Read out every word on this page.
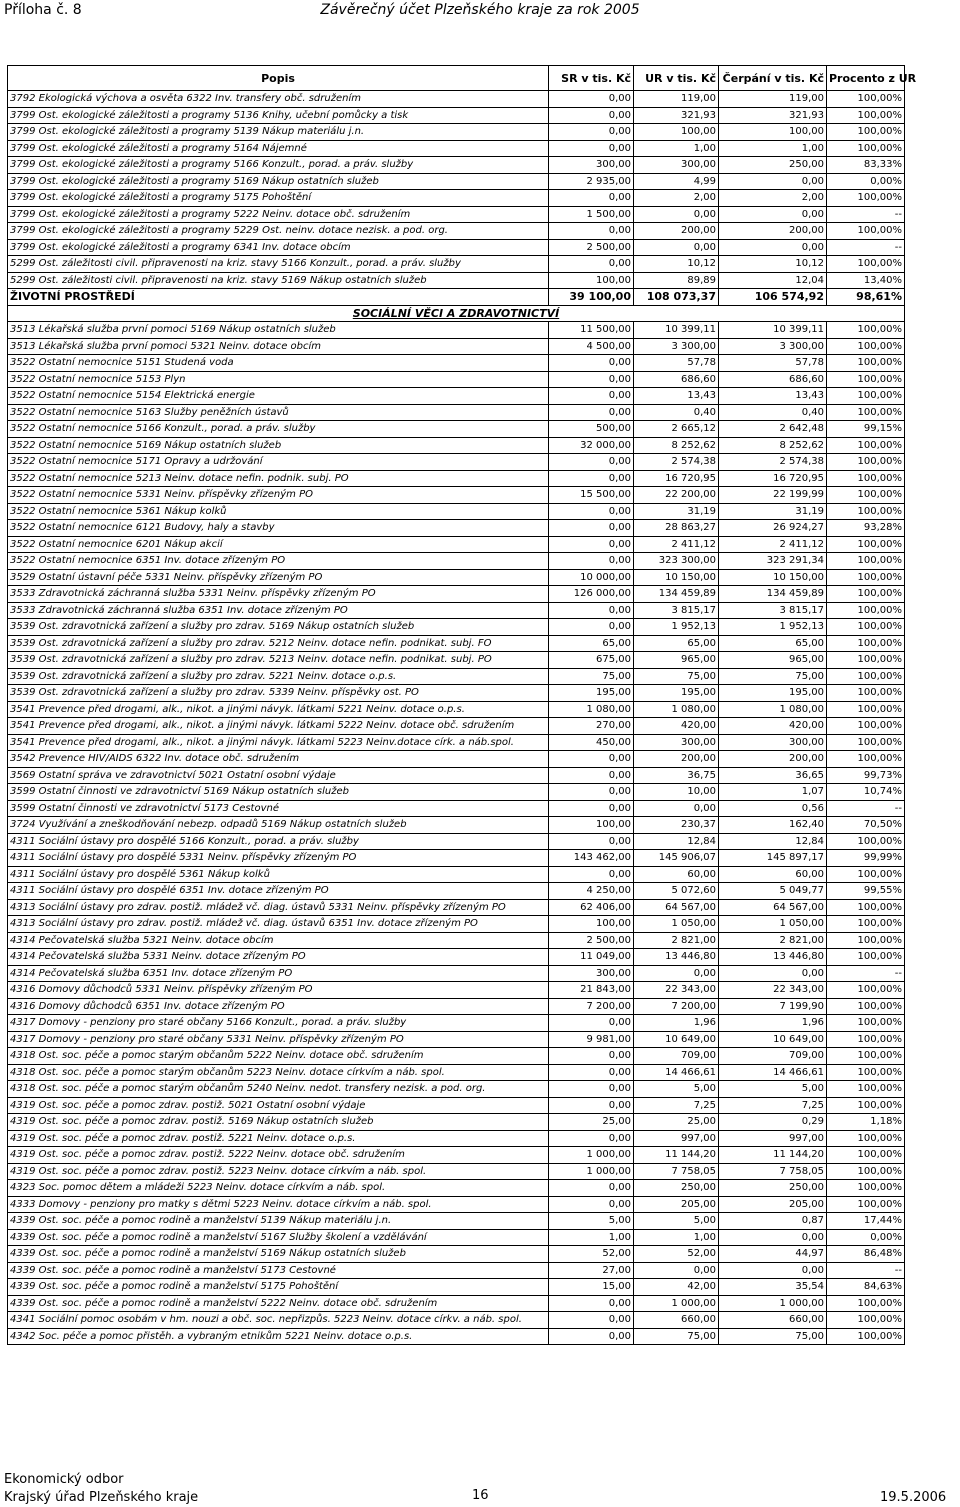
Příloha č. 8	Závěrečný účet Plzeňského kraje za rok 2005
Popis	SR v tis. Kč	UR v tis. Kč	Čerpání v tis. Kč	Procento z UR
3792 Ekologická výchova a osvěta 6322 Inv. transfery obč. sdružením	0,00	119,00	119,00	100,00%
3799 Ost. ekologické záležitosti a programy 5136 Knihy, učební pomůcky a tisk	0,00	321,93	321,93	100,00%
3799 Ost. ekologické záležitosti a programy 5139 Nákup materiálu j.n.	0,00	100,00	100,00	100,00%
3799 Ost. ekologické záležitosti a programy 5164 Nájemné	0,00	1,00	1,00	100,00%
3799 Ost. ekologické záležitosti a programy 5166 Konzult., porad. a práv. služby	300,00	300,00	250,00	83,33%
3799 Ost. ekologické záležitosti a programy 5169 Nákup ostatních služeb	2 935,00	4,99	0,00	0,00%
3799 Ost. ekologické záležitosti a programy 5175 Pohoštění	0,00	2,00	2,00	100,00%
3799 Ost. ekologické záležitosti a programy 5222 Neinv. dotace obč. sdružením	1 500,00	0,00	0,00	--
3799 Ost. ekologické záležitosti a programy 5229 Ost. neinv. dotace nezisk. a pod. org.	0,00	200,00	200,00	100,00%
3799 Ost. ekologické záležitosti a programy 6341 Inv. dotace obcím	2 500,00	0,00	0,00	--
5299 Ost. záležitosti civil. připravenosti na kriz. stavy 5166 Konzult., porad. a práv. služby	0,00	10,12	10,12	100,00%
5299 Ost. záležitosti civil. připravenosti na kriz. stavy 5169 Nákup ostatních služeb	100,00	89,89	12,04	13,40%
ŽIVOTNÍ PROSTŘEDÍ	39 100,00	108 073,37	106 574,92	98,61%
SOCIÁLNÍ VĚCI A ZDRAVOTNICTVÍ				
3513 Lékařská služba první pomoci 5169 Nákup ostatních služeb	11 500,00	10 399,11	10 399,11	100,00%
3513 Lékařská služba první pomoci 5321 Neinv. dotace obcím	4 500,00	3 300,00	3 300,00	100,00%
3522 Ostatní nemocnice 5151 Studená voda	0,00	57,78	57,78	100,00%
3522 Ostatní nemocnice 5153 Plyn	0,00	686,60	686,60	100,00%
3522 Ostatní nemocnice 5154 Elektrická energie	0,00	13,43	13,43	100,00%
3522 Ostatní nemocnice 5163 Služby peněžních ústavů	0,00	0,40	0,40	100,00%
3522 Ostatní nemocnice 5166 Konzult., porad. a práv. služby	500,00	2 665,12	2 642,48	99,15%
3522 Ostatní nemocnice 5169 Nákup ostatních služeb	32 000,00	8 252,62	8 252,62	100,00%
3522 Ostatní nemocnice 5171 Opravy a udržování	0,00	2 574,38	2 574,38	100,00%
3522 Ostatní nemocnice 5213 Neinv. dotace nefin. podnik. subj. PO	0,00	16 720,95	16 720,95	100,00%
3522 Ostatní nemocnice 5331 Neinv. příspěvky zřízeným PO	15 500,00	22 200,00	22 199,99	100,00%
3522 Ostatní nemocnice 5361 Nákup kolků	0,00	31,19	31,19	100,00%
3522 Ostatní nemocnice 6121 Budovy, haly a stavby	0,00	28 863,27	26 924,27	93,28%
3522 Ostatní nemocnice 6201 Nákup akcií	0,00	2 411,12	2 411,12	100,00%
3522 Ostatní nemocnice 6351 Inv. dotace zřízeným PO	0,00	323 300,00	323 291,34	100,00%
3529 Ostatní ústavní péče 5331 Neinv. příspěvky zřízeným PO	10 000,00	10 150,00	10 150,00	100,00%
3533 Zdravotnická záchranná služba 5331 Neinv. příspěvky zřízeným PO	126 000,00	134 459,89	134 459,89	100,00%
3533 Zdravotnická záchranná služba 6351 Inv. dotace zřízeným PO	0,00	3 815,17	3 815,17	100,00%
3539 Ost. zdravotnická zařízení a služby pro zdrav. 5169 Nákup ostatních služeb	0,00	1 952,13	1 952,13	100,00%
3539 Ost. zdravotnická zařízení a služby pro zdrav. 5212 Neinv. dotace nefin. podnikat. subj. FO	65,00	65,00	65,00	100,00%
3539 Ost. zdravotnická zařízení a služby pro zdrav. 5213 Neinv. dotace nefin. podnikat. subj. PO	675,00	965,00	965,00	100,00%
3539 Ost. zdravotnická zařízení a služby pro zdrav. 5221 Neinv. dotace o.p.s.	75,00	75,00	75,00	100,00%
3539 Ost. zdravotnická zařízení a služby pro zdrav. 5339 Neinv. příspěvky ost. PO	195,00	195,00	195,00	100,00%
3541 Prevence před drogami, alk., nikot. a jinými návyk. látkami 5221 Neinv. dotace o.p.s.	1 080,00	1 080,00	1 080,00	100,00%
3541 Prevence před drogami, alk., nikot. a jinými návyk. látkami 5222 Neinv. dotace obč. sdružením	270,00	420,00	420,00	100,00%
3541 Prevence před drogami, alk., nikot. a jinými návyk. látkami 5223 Neinv.dotace círk. a náb.spol.	450,00	300,00	300,00	100,00%
3542 Prevence HIV/AIDS 6322 Inv. dotace obč. sdružením	0,00	200,00	200,00	100,00%
3569 Ostatní správa ve zdravotnictví 5021 Ostatní osobní výdaje	0,00	36,75	36,65	99,73%
3599 Ostatní činnosti ve zdravotnictví 5169 Nákup ostatních služeb	0,00	10,00	1,07	10,74%
3599 Ostatní činnosti ve zdravotnictví 5173 Cestovné	0,00	0,00	0,56	--
3724 Využívání a zneškodňování nebezp. odpadů 5169 Nákup ostatních služeb	100,00	230,37	162,40	70,50%
4311 Sociální ústavy pro dospělé 5166 Konzult., porad. a práv. služby	0,00	12,84	12,84	100,00%
4311 Sociální ústavy pro dospělé 5331 Neinv. příspěvky zřízeným PO	143 462,00	145 906,07	145 897,17	99,99%
4311 Sociální ústavy pro dospělé 5361 Nákup kolků	0,00	60,00	60,00	100,00%
4311 Sociální ústavy pro dospělé 6351 Inv. dotace zřízeným PO	4 250,00	5 072,60	5 049,77	99,55%
4313 Sociální ústavy pro zdrav. postiž. mládež vč. diag. ústavů 5331 Neinv. příspěvky zřízeným PO	62 406,00	64 567,00	64 567,00	100,00%
4313 Sociální ústavy pro zdrav. postiž. mládež vč. diag. ústavů 6351 Inv. dotace zřízeným PO	100,00	1 050,00	1 050,00	100,00%
4314 Pečovatelská služba 5321 Neinv. dotace obcím	2 500,00	2 821,00	2 821,00	100,00%
4314 Pečovatelská služba 5331 Neinv. dotace zřízeným PO	11 049,00	13 446,80	13 446,80	100,00%
4314 Pečovatelská služba 6351 Inv. dotace zřízeným PO	300,00	0,00	0,00	--
4316 Domovy důchodců 5331 Neinv. příspěvky zřízeným PO	21 843,00	22 343,00	22 343,00	100,00%
4316 Domovy důchodců 6351 Inv. dotace zřízeným PO	7 200,00	7 200,00	7 199,90	100,00%
4317 Domovy - penziony pro staré občany 5166 Konzult., porad. a práv. služby	0,00	1,96	1,96	100,00%
4317 Domovy - penziony pro staré občany 5331 Neinv. příspěvky zřízeným PO	9 981,00	10 649,00	10 649,00	100,00%
4318 Ost. soc. péče a pomoc starým občanům 5222 Neinv. dotace obč. sdružením	0,00	709,00	709,00	100,00%
4318 Ost. soc. péče a pomoc starým občanům 5223 Neinv. dotace církvím a náb. spol.	0,00	14 466,61	14 466,61	100,00%
4318 Ost. soc. péče a pomoc starým občanům 5240 Neinv. nedot. transfery nezisk. a pod. org.	0,00	5,00	5,00	100,00%
4319 Ost. soc. péče a pomoc zdrav. postiž. 5021 Ostatní osobní výdaje	0,00	7,25	7,25	100,00%
4319 Ost. soc. péče a pomoc zdrav. postiž. 5169 Nákup ostatních služeb	25,00	25,00	0,29	1,18%
4319 Ost. soc. péče a pomoc zdrav. postiž. 5221 Neinv. dotace o.p.s.	0,00	997,00	997,00	100,00%
4319 Ost. soc. péče a pomoc zdrav. postiž. 5222 Neinv. dotace obč. sdružením	1 000,00	11 144,20	11 144,20	100,00%
4319 Ost. soc. péče a pomoc zdrav. postiž. 5223 Neinv. dotace církvím a náb. spol.	1 000,00	7 758,05	7 758,05	100,00%
4323 Soc. pomoc dětem a mládeži 5223 Neinv. dotace církvím a náb. spol.	0,00	250,00	250,00	100,00%
4333 Domovy - penziony pro matky s dětmi 5223 Neinv. dotace církvím a náb. spol.	0,00	205,00	205,00	100,00%
4339 Ost. soc. péče a pomoc rodině a manželství 5139 Nákup materiálu j.n.	5,00	5,00	0,87	17,44%
4339 Ost. soc. péče a pomoc rodině a manželství 5167 Služby školení a vzdělávání	1,00	1,00	0,00	0,00%
4339 Ost. soc. péče a pomoc rodině a manželství 5169 Nákup ostatních služeb	52,00	52,00	44,97	86,48%
4339 Ost. soc. péče a pomoc rodině a manželství 5173 Cestovné	27,00	0,00	0,00	--
4339 Ost. soc. péče a pomoc rodině a manželství 5175 Pohoštění	15,00	42,00	35,54	84,63%
4339 Ost. soc. péče a pomoc rodině a manželství 5222 Neinv. dotace obč. sdružením	0,00	1 000,00	1 000,00	100,00%
4341 Sociální pomoc osobám v hm. nouzi a obč. soc. nepřizpůs. 5223 Neinv. dotace církv. a náb. spol.	0,00	660,00	660,00	100,00%
4342 Soc. péče a pomoc přistěh. a vybraným etnikům 5221 Neinv. dotace o.p.s.	0,00	75,00	75,00	100,00%
Ekonomický odbor
Krajský úřad Plzeňského kraje	16	19.5.2006
